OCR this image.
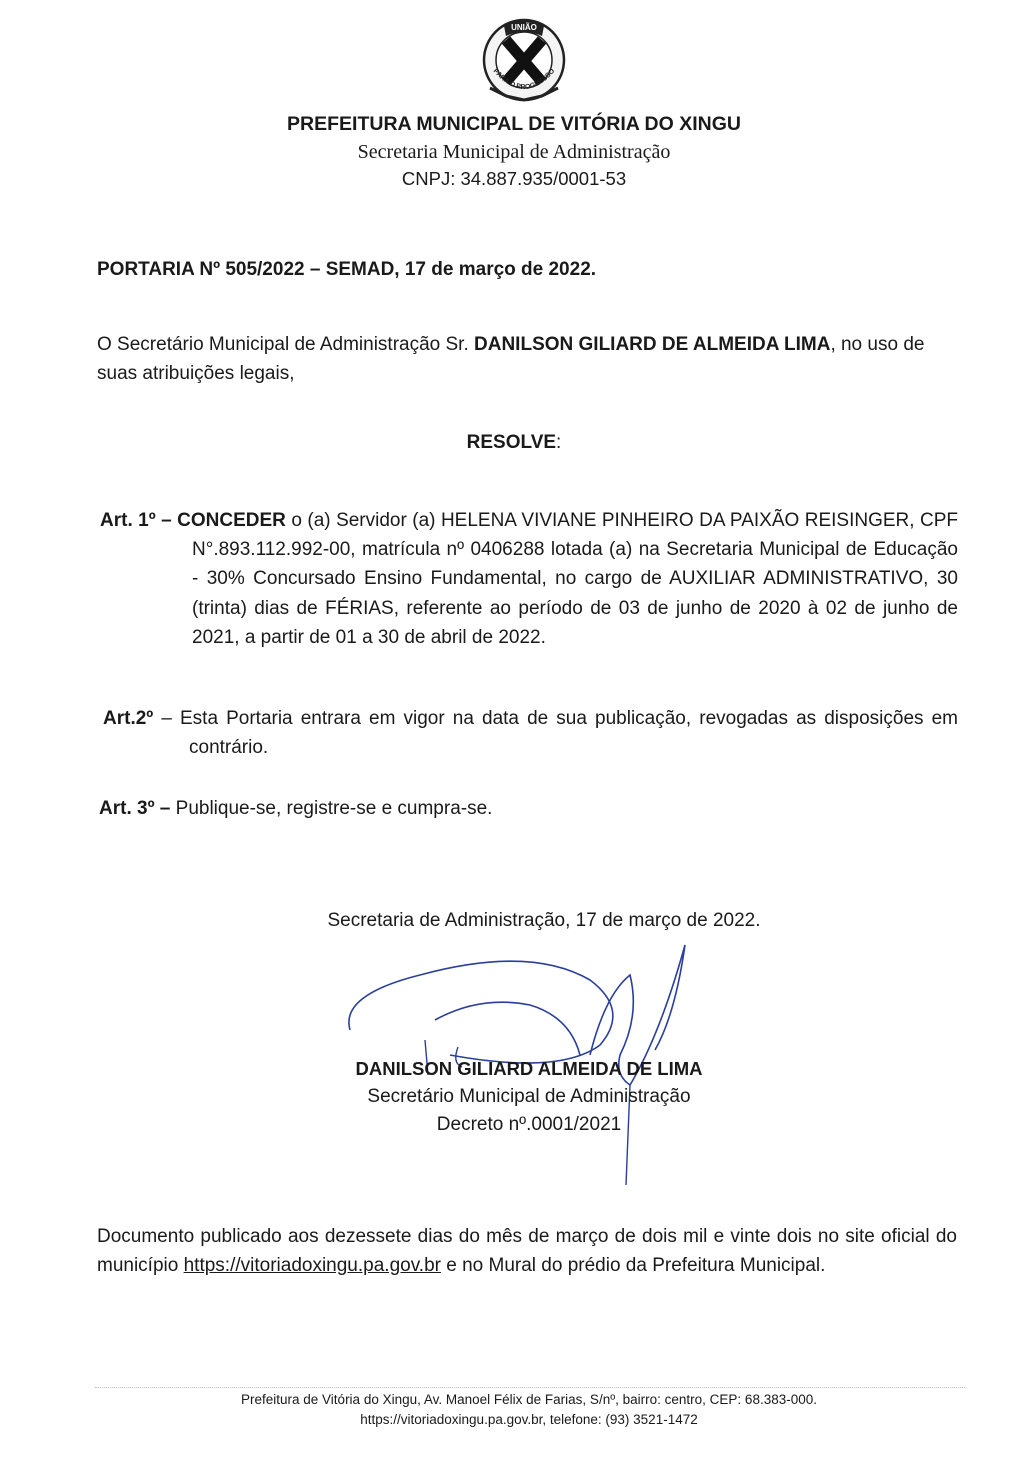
UNIÃO
PARA O PROGRESSO
PREFEITURA MUNICIPAL DE VITÓRIA DO XINGU
Secretaria Municipal de Administração
CNPJ: 34.887.935/0001-53
PORTARIA Nº 505/2022 – SEMAD, 17 de março de 2022.
O Secretário Municipal de Administração Sr. DANILSON GILIARD DE ALMEIDA LIMA, no uso de suas atribuições legais,
RESOLVE:
Art. 1º – CONCEDER o (a) Servidor (a) HELENA VIVIANE PINHEIRO DA PAIXÃO REISINGER, CPF N°.893.112.992-00, matrícula nº 0406288 lotada (a) na Secretaria Municipal de Educação - 30% Concursado Ensino Fundamental, no cargo de AUXILIAR ADMINISTRATIVO, 30 (trinta) dias de FÉRIAS, referente ao período de 03 de junho de 2020 à 02 de junho de 2021, a partir de 01 a 30 de abril de 2022.
Art.2º – Esta Portaria entrara em vigor na data de sua publicação, revogadas as disposições em contrário.
Art. 3º – Publique-se, registre-se e cumpra-se.
Secretaria de Administração, 17 de março de 2022.
DANILSON GILIARD ALMEIDA DE LIMA
Secretário Municipal de Administração
Decreto nº.0001/2021
Documento publicado aos dezessete dias do mês de março de dois mil e vinte dois no site oficial do município https://vitoriadoxingu.pa.gov.br e no Mural do prédio da Prefeitura Municipal.
Prefeitura de Vitória do Xingu, Av. Manoel Félix de Farias, S/nº, bairro: centro, CEP: 68.383-000.
https://vitoriadoxingu.pa.gov.br, telefone: (93) 3521-1472
